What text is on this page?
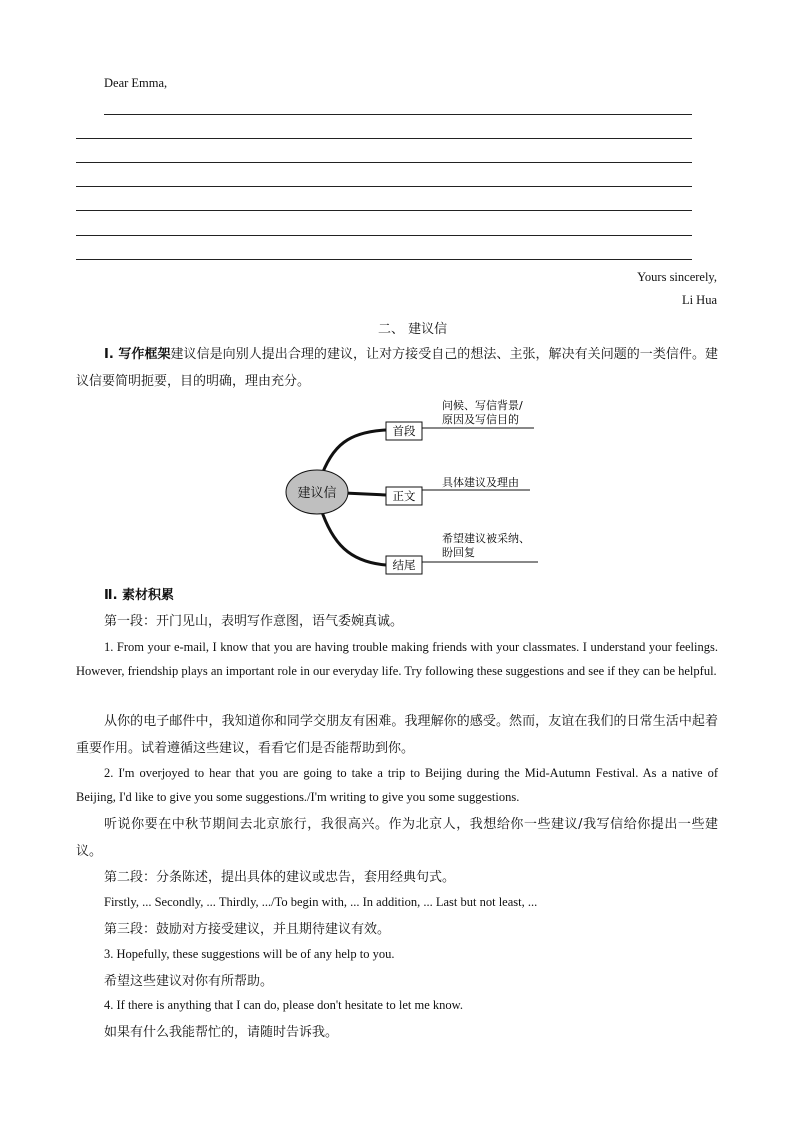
Dear Emma,
Yours sincerely,
Li Hua
二、 建议信
Ⅰ. 写作框架建议信是向别人提出合理的建议，让对方接受自己的想法、主张，解决有关问题的一类信件。建议信要简明扼要，目的明确，理由充分。
建议信
首段
问候、写信背景/
原因及写信目的
正文
具体建议及理由
结尾
希望建议被采纳、
盼回复
Ⅱ. 素材积累
第一段：开门见山，表明写作意图，语气委婉真诚。
1. From your e-mail, I know that you are having trouble making friends with your classmates. I understand your feelings. However, friendship plays an important role in our everyday life. Try following these suggestions and see if they can be helpful.
从你的电子邮件中，我知道你和同学交朋友有困难。我理解你的感受。然而，友谊在我们的日常生活中起着重要作用。试着遵循这些建议，看看它们是否能帮助到你。
2. I'm overjoyed to hear that you are going to take a trip to Beijing during the Mid-Autumn Festival. As a native of Beijing, I'd like to give you some suggestions./I'm writing to give you some suggestions.
听说你要在中秋节期间去北京旅行，我很高兴。作为北京人，我想给你一些建议/我写信给你提出一些建议。
第二段：分条陈述，提出具体的建议或忠告，套用经典句式。
Firstly, ... Secondly, ... Thirdly, .../To begin with, ... In addition, ... Last but not least, ...
第三段：鼓励对方接受建议，并且期待建议有效。
3. Hopefully, these suggestions will be of any help to you.
希望这些建议对你有所帮助。
4. If there is anything that I can do, please don't hesitate to let me know.
如果有什么我能帮忙的，请随时告诉我。
